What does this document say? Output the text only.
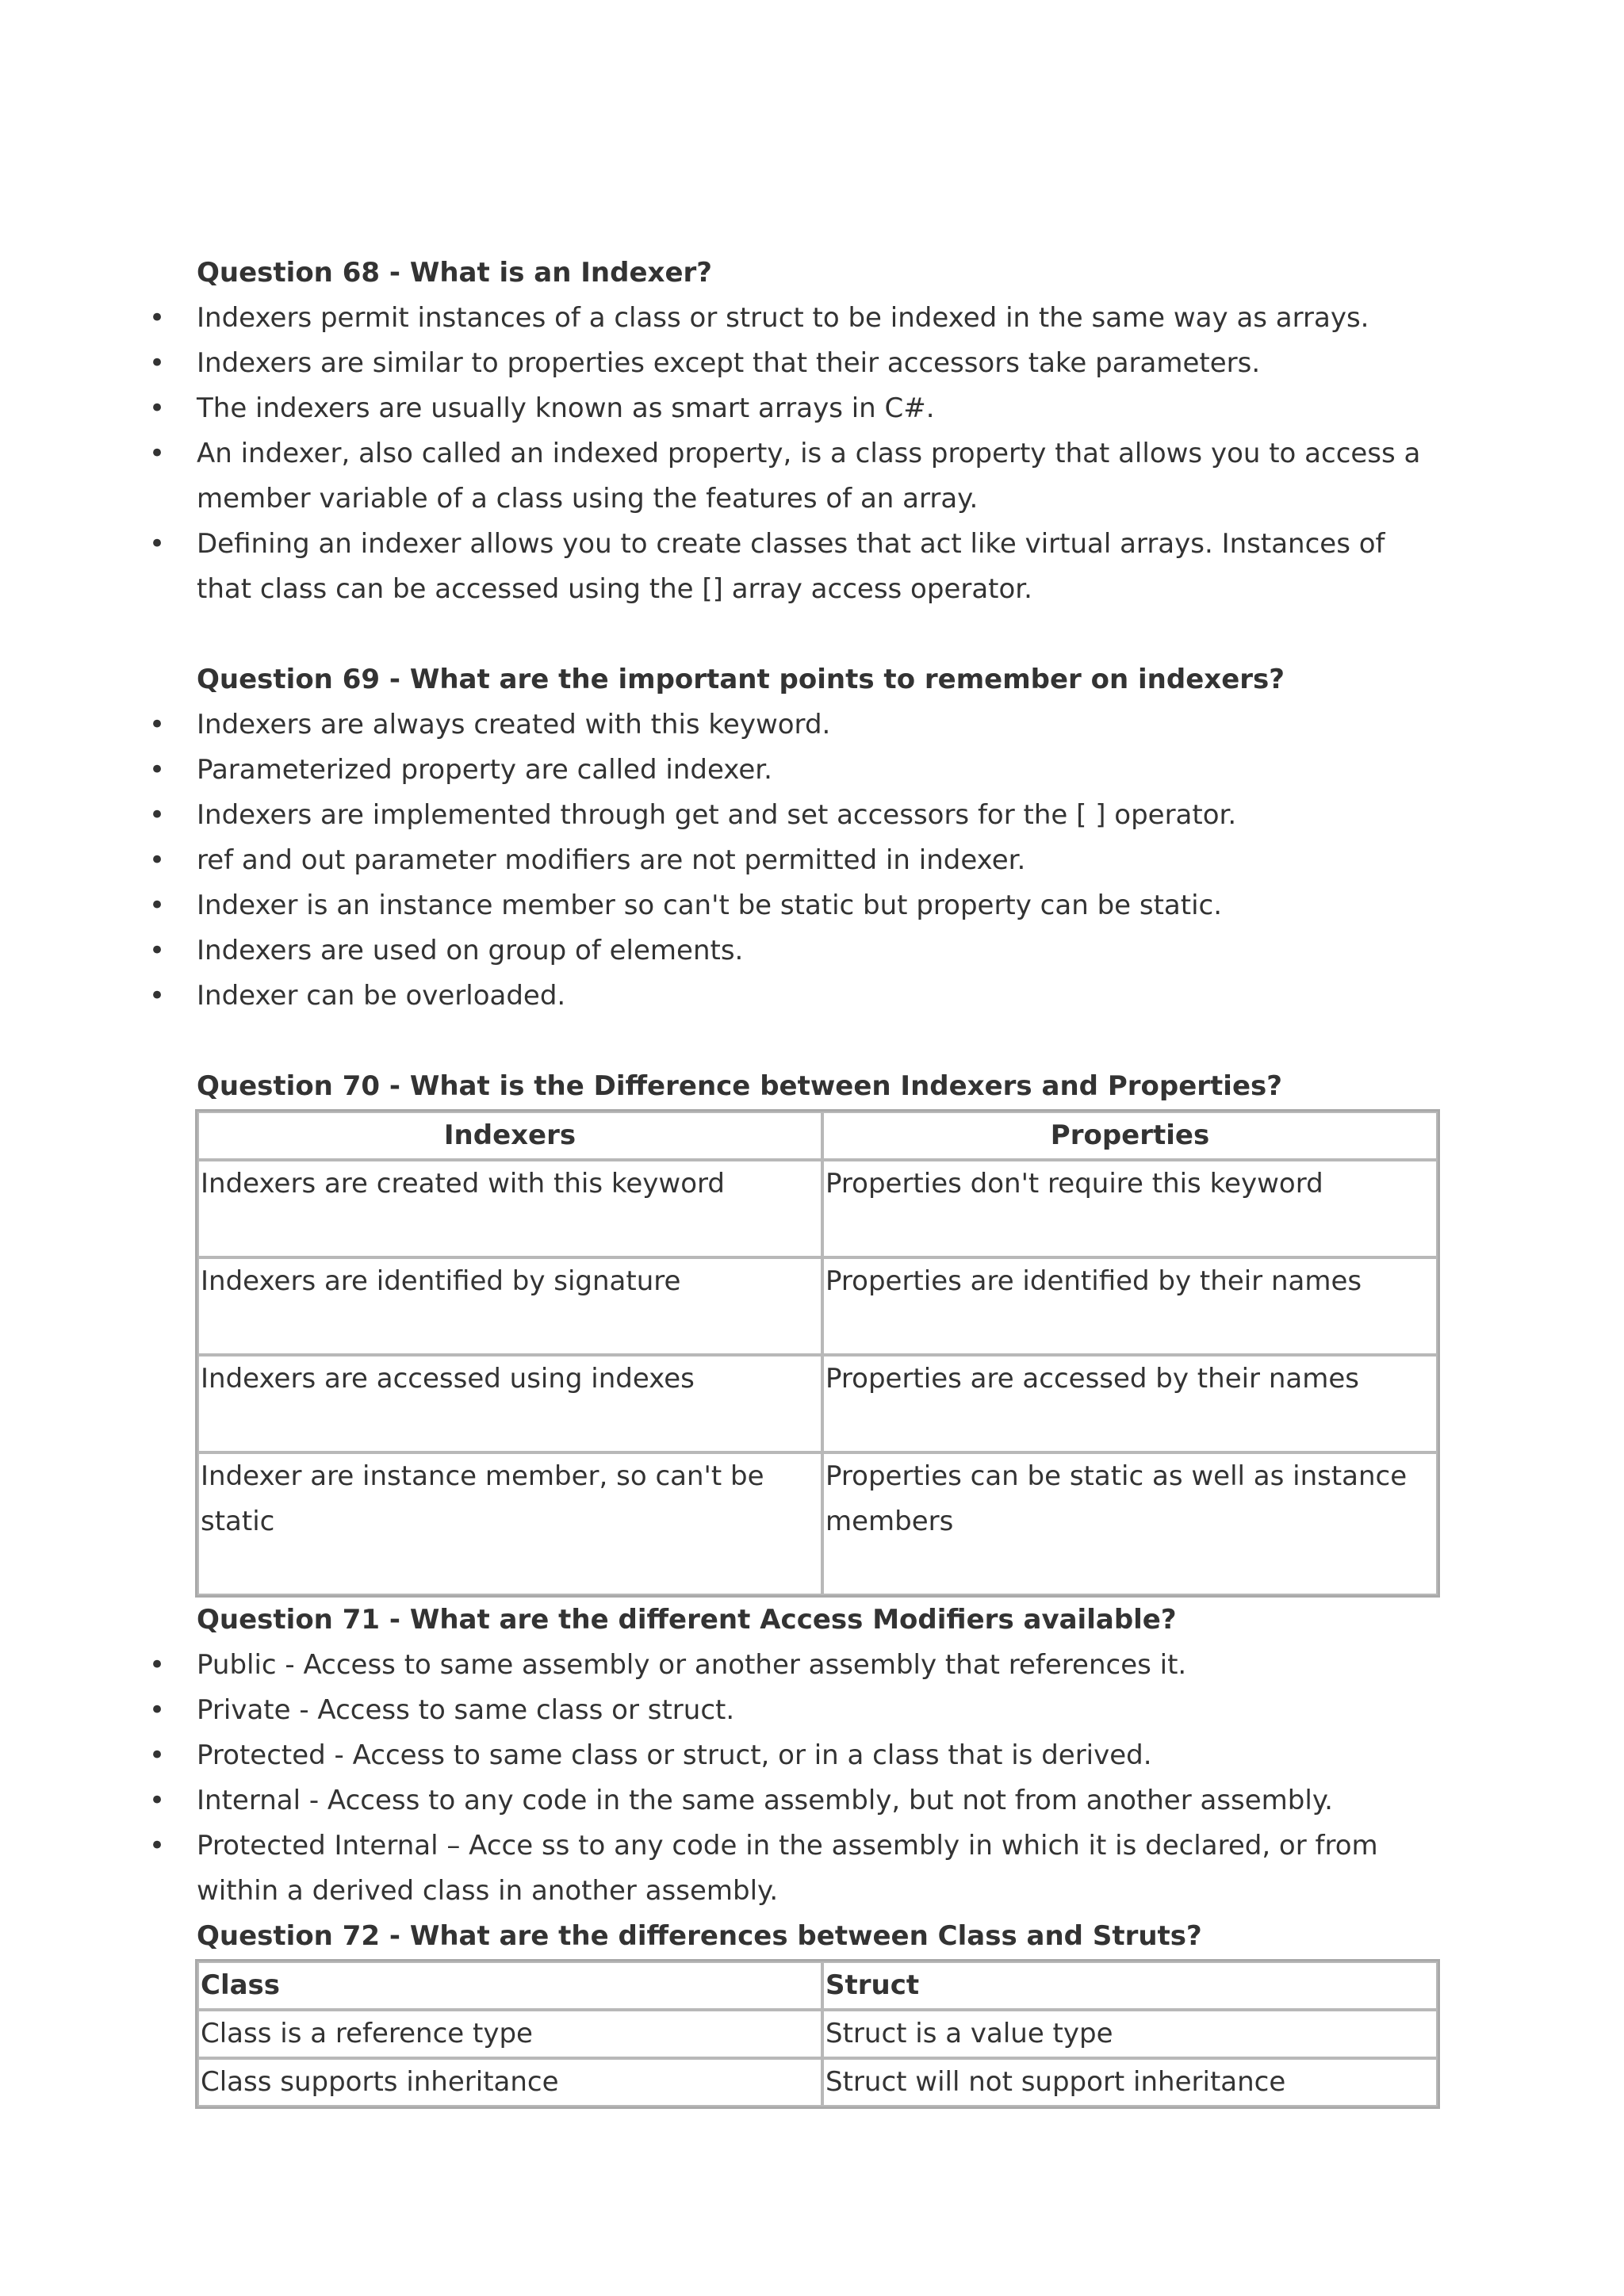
Question 68 - What is an Indexer?

• Indexers permit instances of a class or struct to be indexed in the same way as arrays.
• Indexers are similar to properties except that their accessors take parameters.
• The indexers are usually known as smart arrays in C#.
• An indexer, also called an indexed property, is a class property that allows you to access a member variable of a class using the features of an array.
• Defining an indexer allows you to create classes that act like virtual arrays. Instances of that class can be accessed using the [] array access operator.

Question 69 - What are the important points to remember on indexers?

• Indexers are always created with this keyword.
• Parameterized property are called indexer.
• Indexers are implemented through get and set accessors for the [ ] operator.
• ref and out parameter modifiers are not permitted in indexer.
• Indexer is an instance member so can't be static but property can be static.
• Indexers are used on group of elements.
• Indexer can be overloaded.

Question 70 - What is the Difference between Indexers and Properties?

Indexers	Properties
Indexers are created with this keyword	Properties don't require this keyword
Indexers are identified by signature	Properties are identified by their names
Indexers are accessed using indexes	Properties are accessed by their names
Indexer are instance member, so can't be static	Properties can be static as well as instance members

Question 71 - What are the different Access Modifiers available?

• Public - Access to same assembly or another assembly that references it.
• Private - Access to same class or struct.
• Protected - Access to same class or struct, or in a class that is derived.
• Internal - Access to any code in the same assembly, but not from another assembly.
• Protected Internal – Acce ss to any code in the assembly in which it is declared, or from within a derived class in another assembly.

Question 72 - What are the differences between Class and Struts?

Class	Struct
Class is a reference type	Struct is a value type
Class supports inheritance	Struct will not support inheritance
